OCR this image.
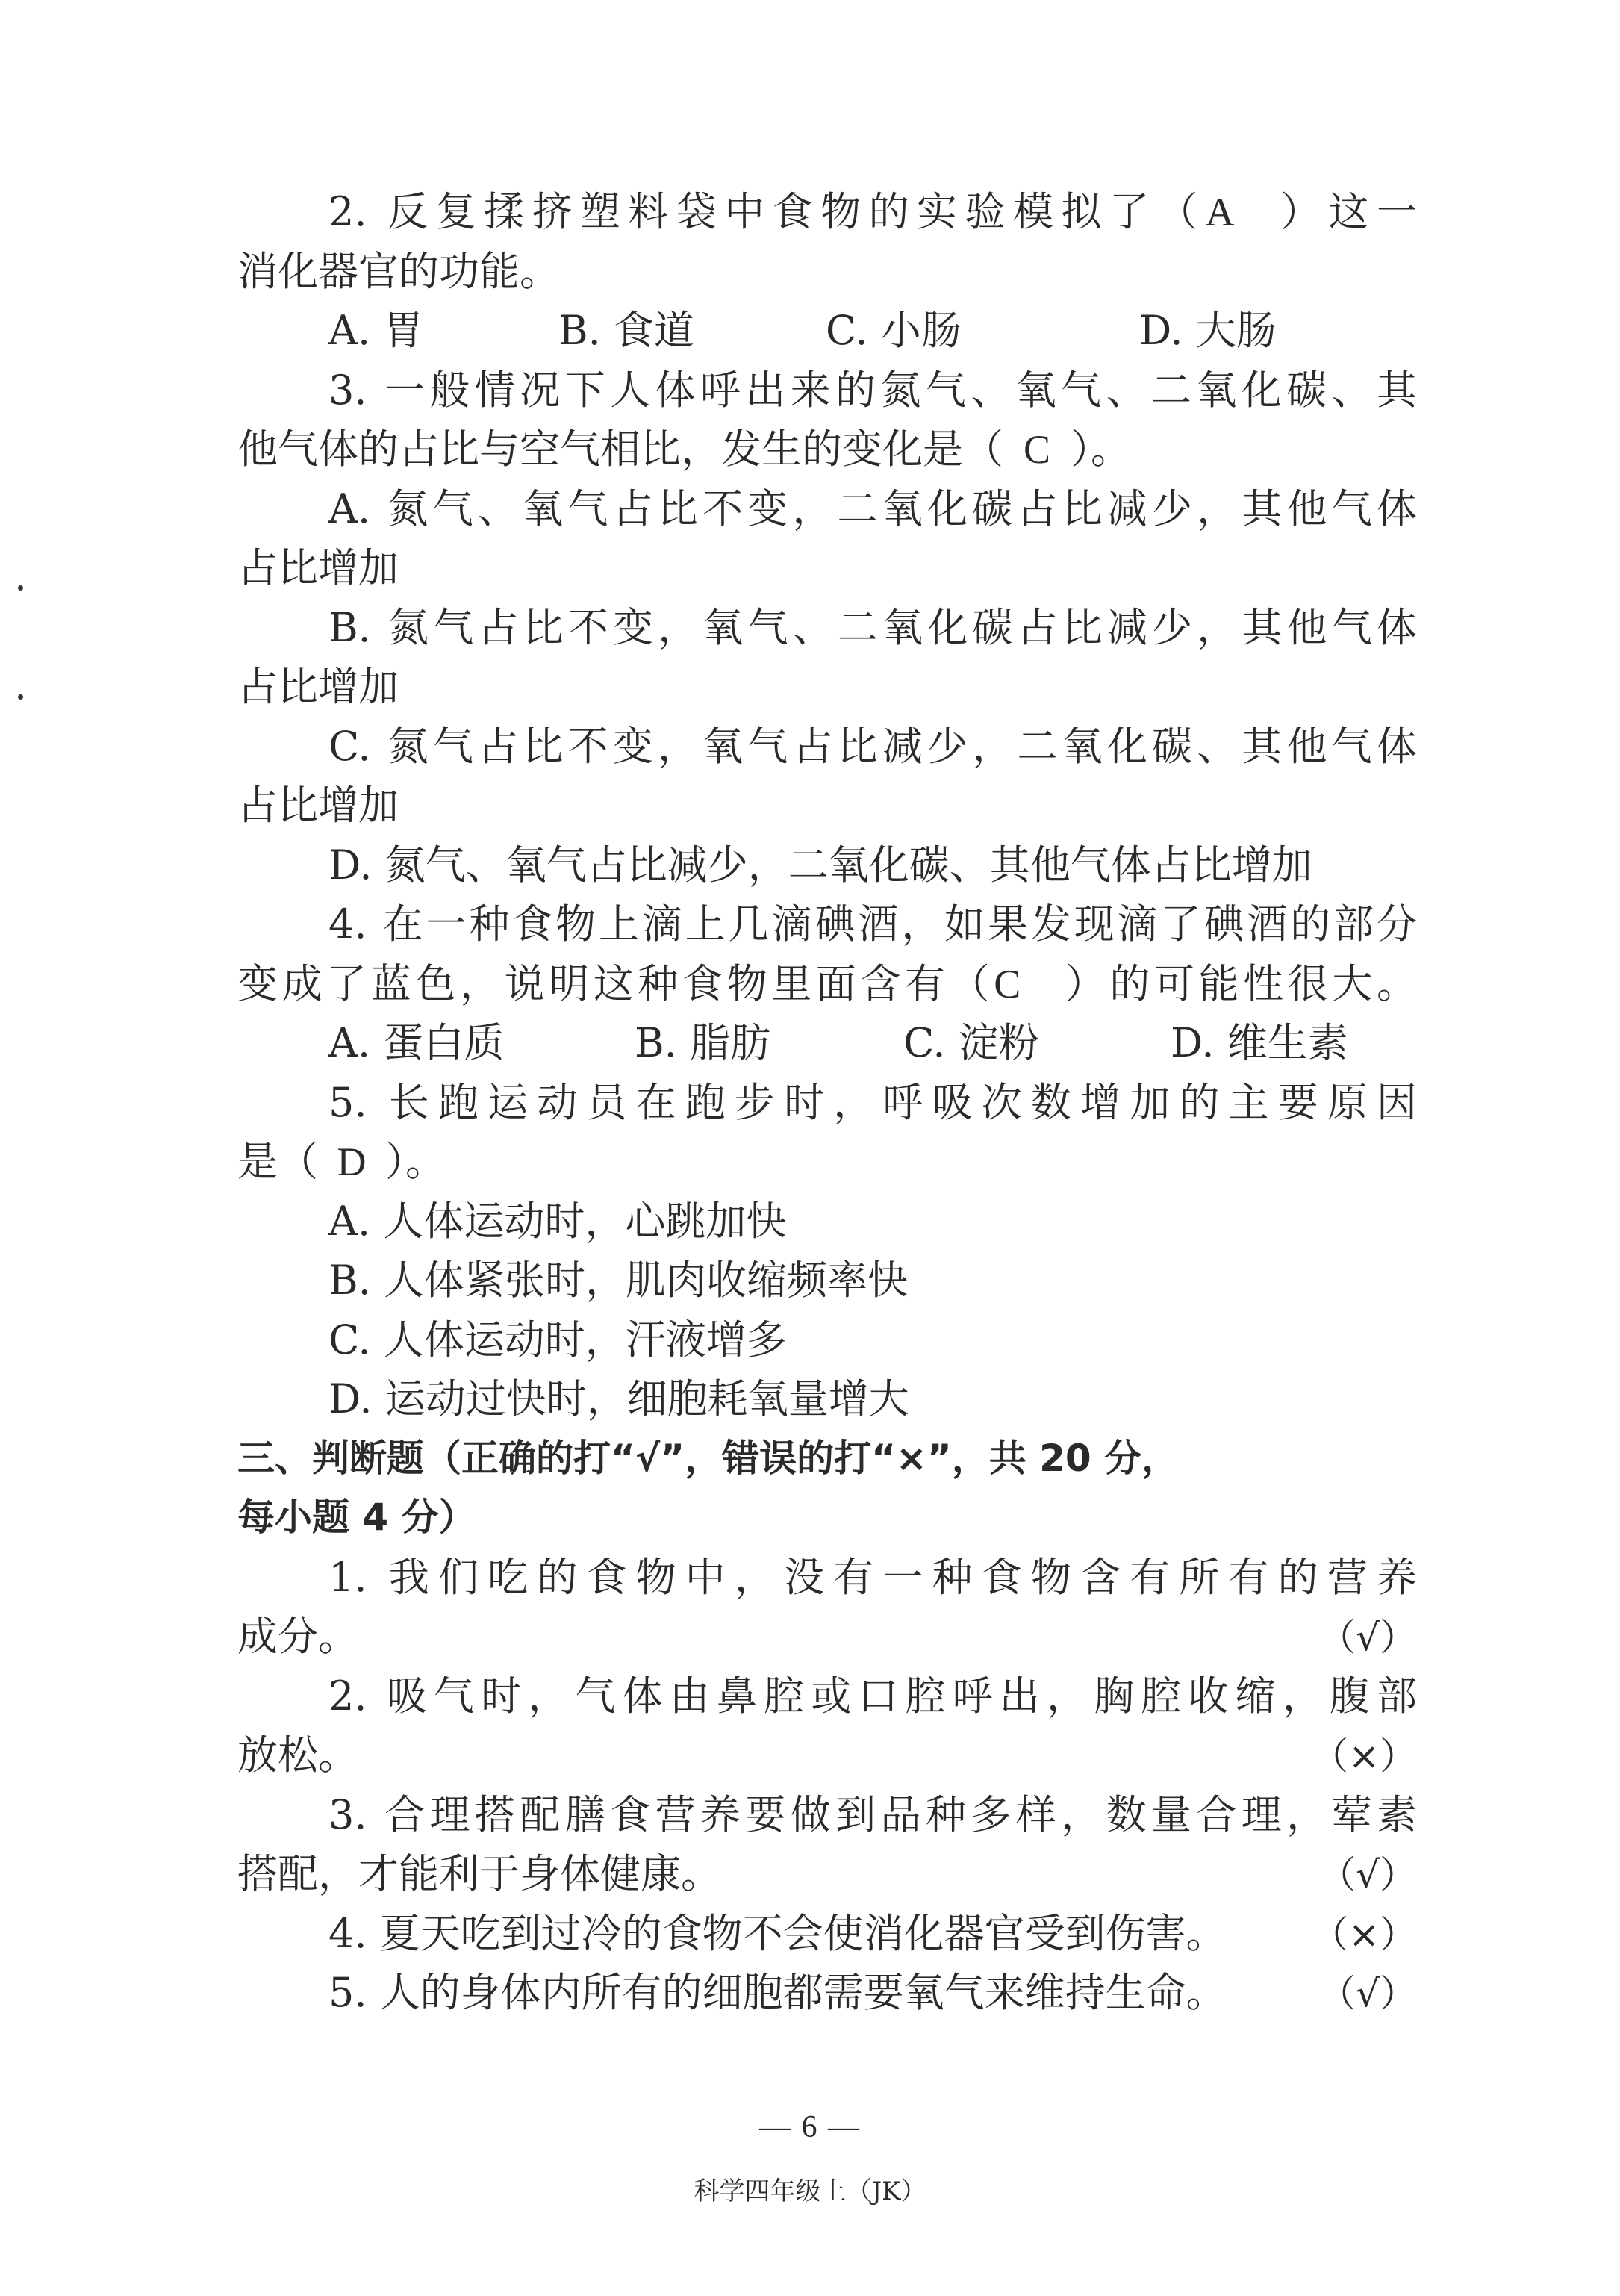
2. 反复揉挤塑料袋中食物的实验模拟了（A ）这一
消化器官的功能。
A. 胃	B. 食道	C. 小肠	D. 大肠
3. 一般情况下人体呼出来的氮气、氧气、二氧化碳、其
他气体的占比与空气相比，发生的变化是（ C ）。
A. 氮气、氧气占比不变，二氧化碳占比减少，其他气体
占比增加
B. 氮气占比不变，氧气、二氧化碳占比减少，其他气体
占比增加
C. 氮气占比不变，氧气占比减少，二氧化碳、其他气体
占比增加
D. 氮气、氧气占比减少，二氧化碳、其他气体占比增加
4. 在一种食物上滴上几滴碘酒，如果发现滴了碘酒的部分
变成了蓝色，说明这种食物里面含有（C ）的可能性很大。
A. 蛋白质	B. 脂肪	C. 淀粉	D. 维生素
5. 长跑运动员在跑步时，呼吸次数增加的主要原因
是（ D ）。
A. 人体运动时，心跳加快
B. 人体紧张时，肌肉收缩频率快
C. 人体运动时，汗液增多
D. 运动过快时，细胞耗氧量增大
三、判断题（正确的打“√”，错误的打“×”，共 20 分，
每小题 4 分）
1. 我们吃的食物中，没有一种食物含有所有的营养
成分。	（√）
2. 吸气时，气体由鼻腔或口腔呼出，胸腔收缩，腹部
放松。	（×）
3. 合理搭配膳食营养要做到品种多样，数量合理，荤素
搭配，才能利于身体健康。	（√）
4. 夏天吃到过冷的食物不会使消化器官受到伤害。 （×）
5. 人的身体内所有的细胞都需要氧气来维持生命。 （√）
— 6 —
科学四年级上（JK）
